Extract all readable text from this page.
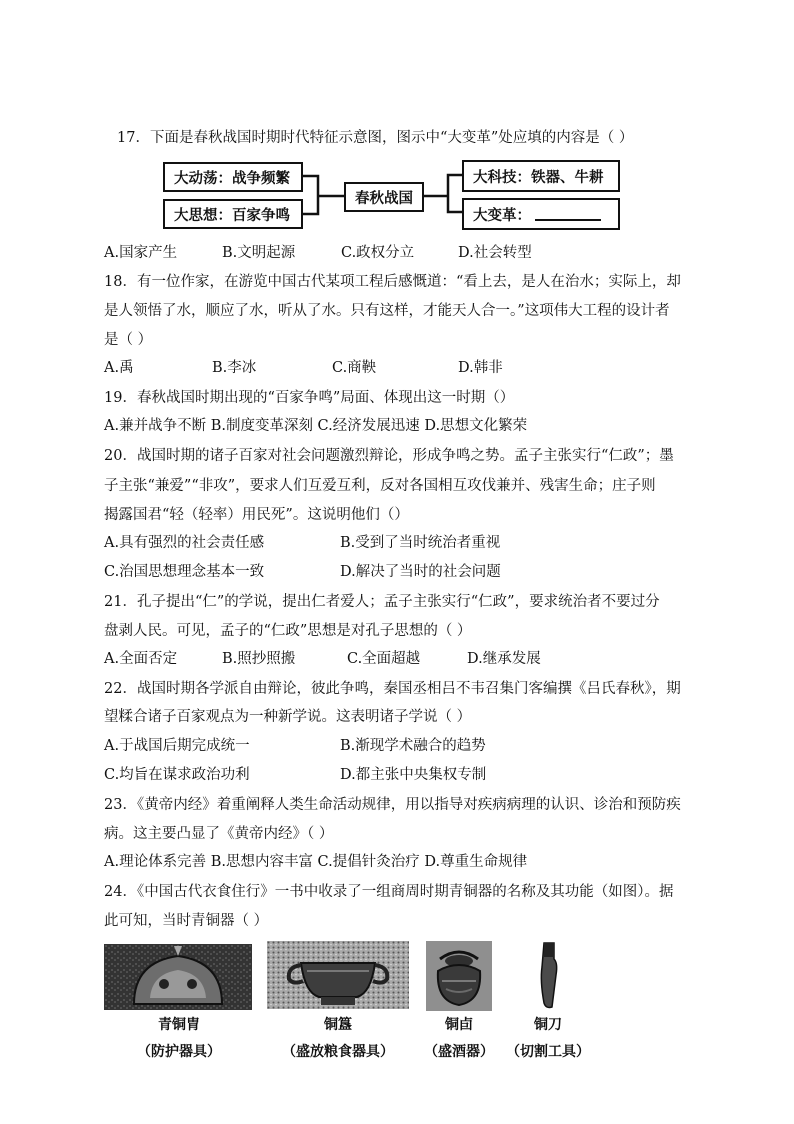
17．下面是春秋战国时期时代特征示意图，图示中“大变革”处应填的内容是（ ）
大动荡：战争频繁
大思想：百家争鸣
春秋战国
大科技：铁器、牛耕
大变革：
A.国家产生	B.文明起源	C.政权分立	D.社会转型
18．有一位作家，在游览中国古代某项工程后感慨道：“看上去，是人在治水；实际上，却
是人领悟了水，顺应了水，听从了水。只有这样，才能天人合一。”这项伟大工程的设计者
是（ ）
A.禹	B.李冰	C.商鞅	D.韩非
19．春秋战国时期出现的“百家争鸣”局面、体现出这一时期（）
A.兼并战争不断 B.制度变革深刻 C.经济发展迅速 D.思想文化繁荣
20．战国时期的诸子百家对社会问题激烈辩论，形成争鸣之势。孟子主张实行“仁政”；墨
子主张“兼爱”“非攻”，要求人们互爱互利，反对各国相互攻伐兼并、残害生命；庄子则
揭露国君“轻（轻率）用民死”。这说明他们（）
A.具有强烈的社会责任感	B.受到了当时统治者重视
C.治国思想理念基本一致	D.解决了当时的社会问题
21．孔子提出“仁”的学说，提出仁者爱人；孟子主张实行“仁政”，要求统治者不要过分
盘剥人民。可见，孟子的“仁政”思想是对孔子思想的（ ）
A.全面否定	B.照抄照搬	C.全面超越	D.继承发展
22．战国时期各学派自由辩论，彼此争鸣，秦国丞相吕不韦召集门客编撰《吕氏春秋》，期
望糅合诸子百家观点为一种新学说。这表明诸子学说（ ）
A.于战国后期完成统一	B.渐现学术融合的趋势
C.均旨在谋求政治功利	D.都主张中央集权专制
23．《黄帝内经》着重阐释人类生命活动规律，用以指导对疾病病理的认识、诊治和预防疾
病。这主要凸显了《黄帝内经》（ ）
A.理论体系完善 B.思想内容丰富 C.提倡针灸治疗 D.尊重生命规律
24．《中国古代衣食住行》一书中收录了一组商周时期青铜器的名称及其功能（如图）。据
此可知，当时青铜器（ ）
青铜胄
（防护器具）
铜簋
（盛放粮食器具）
铜卣
（盛酒器）
铜刀
（切割工具）
